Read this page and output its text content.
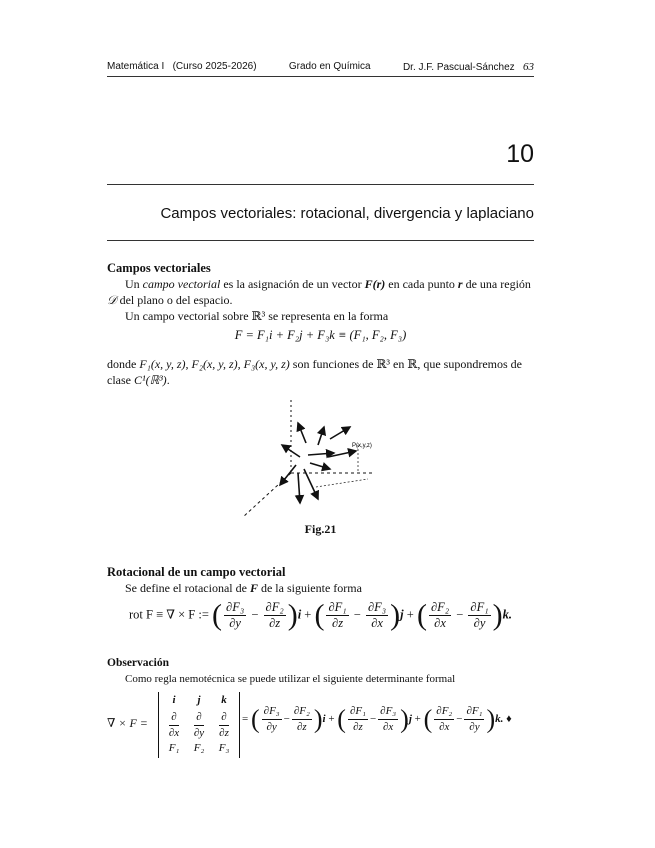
Matemática I (Curso 2025-2026)	Grado en Química	Dr. J.F. Pascual-Sánchez 63
10
Campos vectoriales: rotacional, divergencia y laplaciano
Campos vectoriales
Un campo vectorial es la asignación de un vector F(r) en cada punto r de una región 𝒟 del plano o del espacio.
Un campo vectorial sobre ℝ³ se representa en la forma
F = F₁i + F₂j + F₃k ≡ (F₁, F₂, F₃)
donde F₁(x, y, z), F₂(x, y, z), F₃(x, y, z) son funciones de ℝ³ en ℝ, que supondremos de clase C¹(ℝ³).
P(x,y,z)
Fig.21
Rotacional de un campo vectorial
Se define el rotacional de F de la siguiente forma
rot F ≡ ∇ × F := ( $\frac{\text{∂F₃}}{\partial y} - \frac{\text{∂F₂}}{\partial z} )i$ + ( $\frac{\text{∂F₁}}{\partial z} - \frac{\text{∂F₃}}{\partial x} )j$ + ( $\frac{\text{∂F₂}}{\partial x} - \frac{\text{∂F₁}}{\partial y} )k$.
Observación
Como regla nemotécnica se puede utilizar el siguiente determinante formal
∇ × F =
i	j	k
$\frac{\partial}{\partial x} \frac{\partial}{\partial y} \frac{\partial}{\partial z}$
F₁	F₂	F₃
= ( $\frac{\text{∂F₃}}{\partial y} - \frac{\text{∂F₂}}{\partial z} )i$ + ( $\frac{\text{∂F₁}}{\partial z} - \frac{\text{∂F₃}}{\partial x} )j$ + ( $\frac{\text{∂F₂}}{\partial x} - \frac{\text{∂F₁}}{\partial y} )k$. ♦
